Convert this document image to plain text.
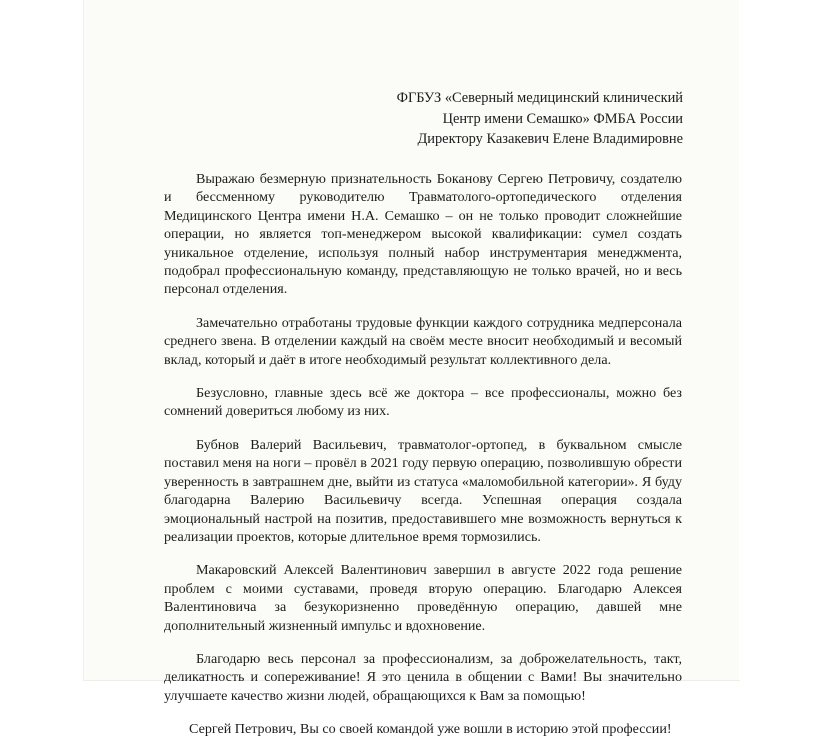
ФГБУЗ «Северный медицинский клинический
Центр имени Семашко» ФМБА России
Директору Казакевич Елене Владимировне

Выражаю безмерную признательность Боканову Сергею Петровичу, создателю и бессменному руководителю Травматолого-ортопедического отделения Медицинского Центра имени Н.А. Семашко – он не только проводит сложнейшие операции, но является топ-менеджером высокой квалификации: сумел создать уникальное отделение, используя полный набор инструментария менеджмента, подобрал профессиональную команду, представляющую не только врачей, но и весь персонал отделения.

Замечательно отработаны трудовые функции каждого сотрудника медперсонала среднего звена. В отделении каждый на своём месте вносит необходимый и весомый вклад, который и даёт в итоге необходимый результат коллективного дела.

Безусловно, главные здесь всё же доктора – все профессионалы, можно без сомнений довериться любому из них.

Бубнов Валерий Васильевич, травматолог-ортопед, в буквальном смысле поставил меня на ноги – провёл в 2021 году первую операцию, позволившую обрести уверенность в завтрашнем дне, выйти из статуса «маломобильной категории». Я буду благодарна Валерию Васильевичу всегда. Успешная операция создала эмоциональный настрой на позитив, предоставившего мне возможность вернуться к реализации проектов, которые длительное время тормозились.

Макаровский Алексей Валентинович завершил в августе 2022 года решение проблем с моими суставами, проведя вторую операцию. Благодарю Алексея Валентиновича за безукоризненно проведённую операцию, давшей мне дополнительный жизненный импульс и вдохновение.

Благодарю весь персонал за профессионализм, за доброжелательность, такт, деликатность и сопереживание! Я это ценила в общении с Вами! Вы значительно улучшаете качество жизни людей, обращающихся к Вам за помощью!

Сергей Петрович, Вы со своей командой уже вошли в историю этой профессии!
